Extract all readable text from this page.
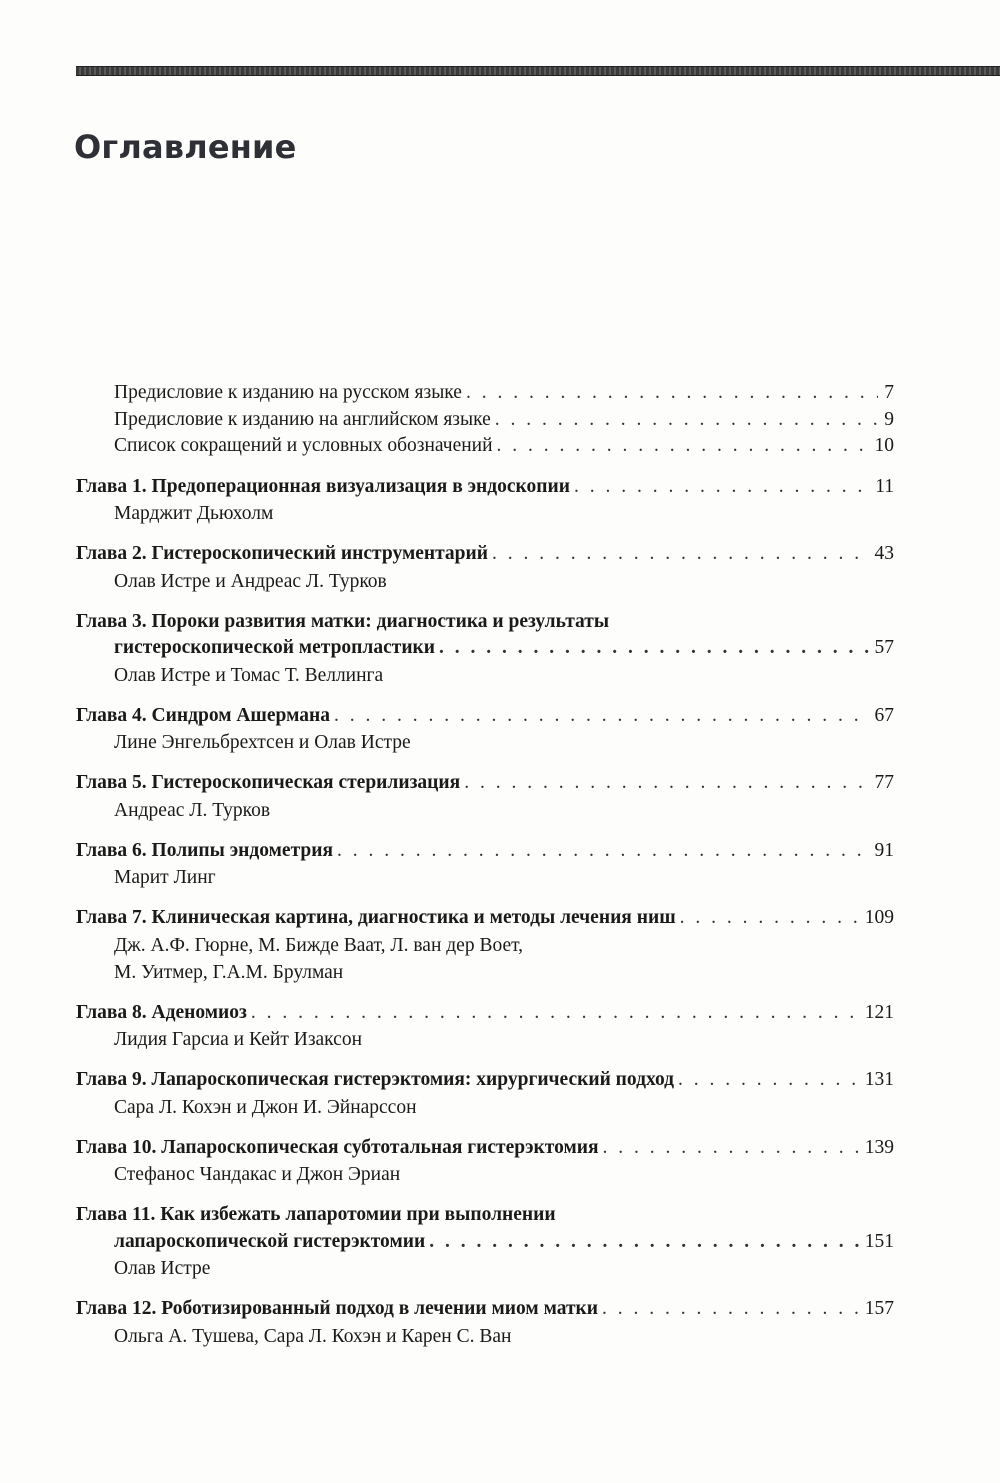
Оглавление
Предисловие к изданию на русском языке . . .	7
Предисловие к изданию на английском языке . . .	9
Список сокращений и условных обозначений . . .	10
Глава 1. Предоперационная визуализация в эндоскопии . . .	11
Марджит Дьюхолм
Глава 2. Гистероскопический инструментарий . . .	43
Олав Истре и Андреас Л. Турков
Глава 3. Пороки развития матки: диагностика и результаты
гистероскопической метропластики . . .	57
Олав Истре и Томас Т. Веллинга
Глава 4. Синдром Ашермана . . .	67
Лине Энгельбрехтсен и Олав Истре
Глава 5. Гистероскопическая стерилизация . . .	77
Андреас Л. Турков
Глава 6. Полипы эндометрия . . .	91
Марит Линг
Глава 7. Клиническая картина, диагностика и методы лечения ниш . . .	109
Дж. А.Ф. Гюрне, М. Бижде Ваат, Л. ван дер Воет,
М. Уитмер, Г.А.М. Брулман
Глава 8. Аденомиоз . . .	121
Лидия Гарсиа и Кейт Изаксон
Глава 9. Лапароскопическая гистерэктомия: хирургический подход . . .	131
Сара Л. Кохэн и Джон И. Эйнарссон
Глава 10. Лапароскопическая субтотальная гистерэктомия . . .	139
Стефанос Чандакас и Джон Эриан
Глава 11. Как избежать лапаротомии при выполнении
лапароскопической гистерэктомии . . .	151
Олав Истре
Глава 12. Роботизированный подход в лечении миом матки . . .	157
Ольга А. Тушева, Сара Л. Кохэн и Карен С. Ван
